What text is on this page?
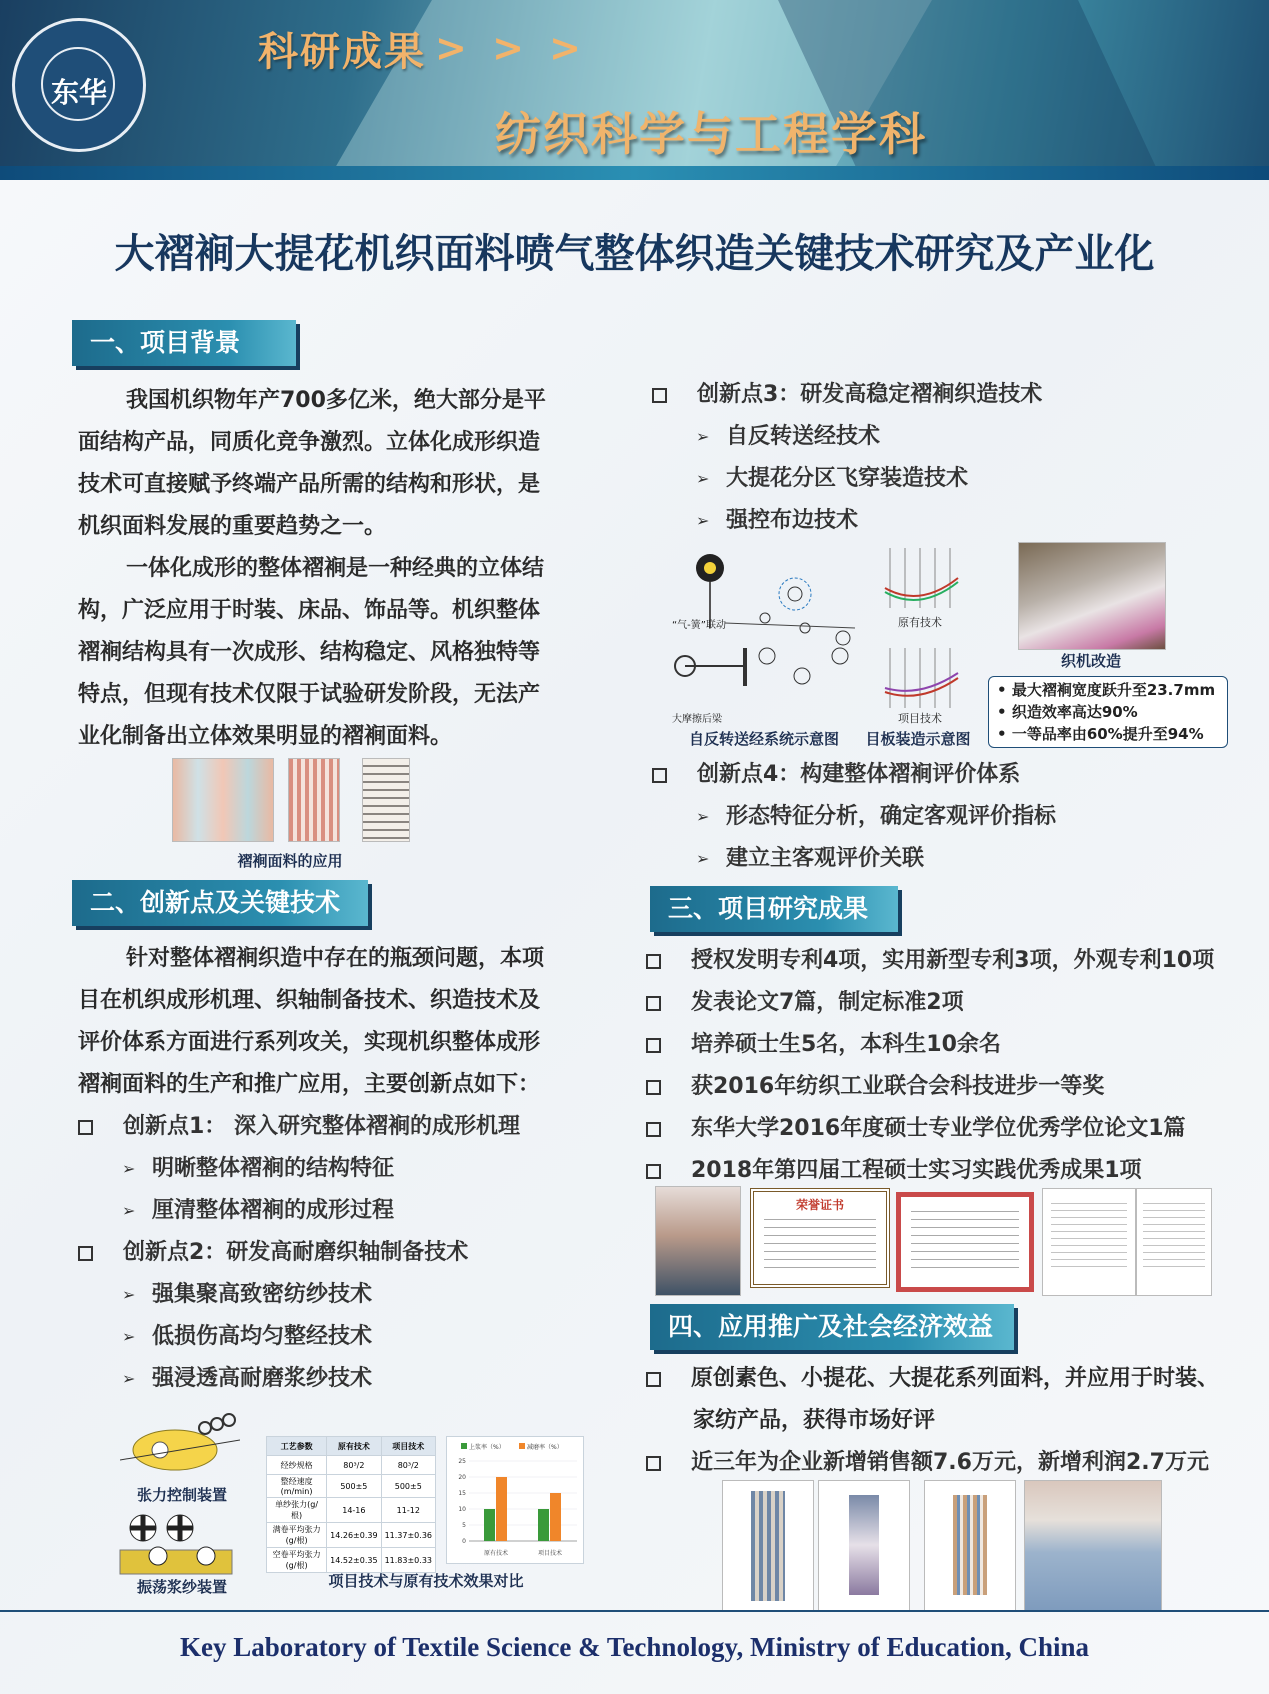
东华
科研成果 > > >
纺织科学与工程学科
大褶裥大提花机织面料喷气整体织造关键技术研究及产业化
一、项目背景
我国机织物年产700多亿米，绝大部分是平
面结构产品，同质化竞争激烈。立体化成形织造
技术可直接赋予终端产品所需的结构和形状，是
机织面料发展的重要趋势之一。
一体化成形的整体褶裥是一种经典的立体结
构，广泛应用于时装、床品、饰品等。机织整体
褶裥结构具有一次成形、结构稳定、风格独特等
特点，但现有技术仅限于试验研发阶段，无法产
业化制备出立体效果明显的褶裥面料。
褶裥面料的应用
二、创新点及关键技术
针对整体褶裥织造中存在的瓶颈问题，本项
目在机织成形机理、织轴制备技术、织造技术及
评价体系方面进行系列攻关，实现机织整体成形
褶裥面料的生产和推广应用，主要创新点如下：
创新点1： 深入研究整体褶裥的成形机理
➢ 明晰整体褶裥的结构特征
➢ 厘清整体褶裥的成形过程
创新点2：研发高耐磨织轴制备技术
➢ 强集聚高致密纺纱技术
➢ 低损伤高均匀整经技术
➢ 强浸透高耐磨浆纱技术
张力控制装置
振荡浆纱装置
工艺参数	原有技术	项目技术
经纱规格	80³/2	80³/2
整经速度(m/min)	500±5	500±5
单纱张力(g/根)	14-16	11-12
满卷平均张力(g/根)	14.26±0.39	11.37±0.36
空卷平均张力(g/根)	14.52±0.35	11.83±0.33
上浆率（%）	减磨率（%）
0
5
10
15
20
25
原有技术	项目技术
项目技术与原有技术效果对比
创新点3：研发高稳定褶裥织造技术
➢ 自反转送经技术
➢ 大提花分区飞穿装造技术
➢ 强控布边技术
“气-簧”联动
大摩擦后梁
自反转送经系统示意图
原有技术
项目技术
目板装造示意图
织机改造
• 最大褶裥宽度跃升至23.7mm
• 织造效率高达90%
• 一等品率由60%提升至94%
创新点4：构建整体褶裥评价体系
➢ 形态特征分析，确定客观评价指标
➢ 建立主客观评价关联
三、项目研究成果
授权发明专利4项，实用新型专利3项，外观专利10项
发表论文7篇，制定标准2项
培养硕士生5名，本科生10余名
获2016年纺织工业联合会科技进步一等奖
东华大学2016年度硕士专业学位优秀学位论文1篇
2018年第四届工程硕士实习实践优秀成果1项
荣誉证书
四、应用推广及社会经济效益
原创素色、小提花、大提花系列面料，并应用于时装、
家纺产品，获得市场好评
近三年为企业新增销售额7.6万元，新增利润2.7万元
Key Laboratory of Textile Science & Technology, Ministry of Education, China
